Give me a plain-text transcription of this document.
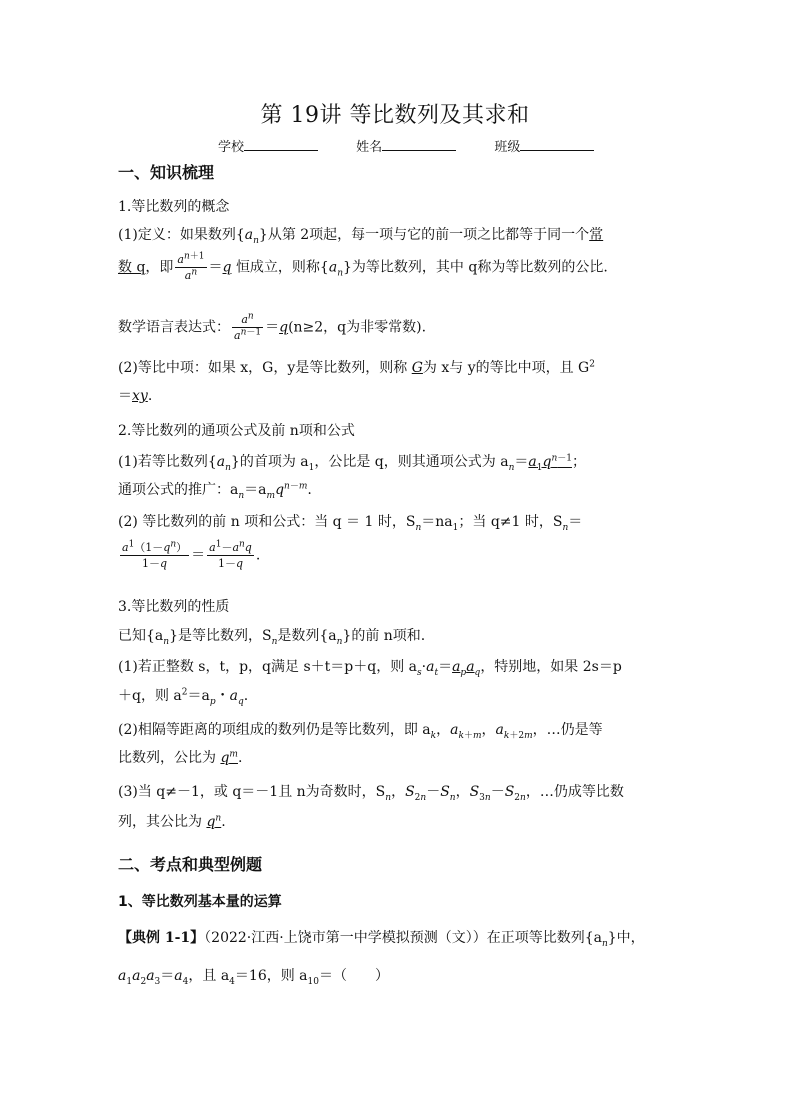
第 19讲 等比数列及其求和
学校	姓名	班级
一、知识梳理
1.等比数列的概念
(1)定义：如果数列$\{a_n\}$从第 2项起，每一项与它的前一项之比都等于同一个常
数 q，即 $\frac{a^{n+1}}{a^n} =q$ 恒成立，则称$\{a_n\}$为等比数列，其中 q称为等比数列的公比.
数学语言表达式： $\frac{a^n}{a^{n-1}} =q(n\ge 2$，q为非零常数).
(2)等比中项：如果 x，G，y是等比数列，则称 G为 x与 y的等比中项，且 $G^2$
＝xy.
2.等比数列的通项公式及前 n项和公式
(1)若等比数列$\{a_n\}$的首项为 $a_1$，公比是 q，则其通项公式为 $a_n=a_1q^{n-1}$；
通项公式的推广：$a_n=a_mq^{n-m}$.
(2) 等比数列的前 n 项和公式：当 q ＝ 1 时，$S_n=na_1$；当 q≠1 时，$S_n=$
$\frac{a^1(1-q^n)}{1-q} = \frac{a^1-a^nq}{1-q}$ .
3.等比数列的性质
已知$\{a_n\}$是等比数列，$S_n$是数列$\{a_n\}$的前 n项和.
(1)若正整数 s，t，p，q满足 s＋t＝p＋q，则 $a_s\cdot a_t=a_pa_q$，特别地，如果 2s＝p
＋q，则 $a^2=a_p$・$a_q$.
(2)相隔等距离的项组成的数列仍是等比数列，即 $a_k$，$a_{k+m}$，$a_{k+2m}$，…仍是等
比数列，公比为 $q^m$.
(3)当 q≠－1，或 q＝－1且 n为奇数时，$S_n$，$S_{2n}-S_n$，$S_{3n}-S_{2n}$，…仍成等比数
列，其公比为 $q^n$.
二、考点和典型例题
1、等比数列基本量的运算
【典例 1-1】（2022·江西·上饶市第一中学模拟预测（文））在正项等比数列$\{a_n\}$中，
$a_1a_2a_3=a_4$，且 $a_4=16$，则 $a_{10}=$（　　）
